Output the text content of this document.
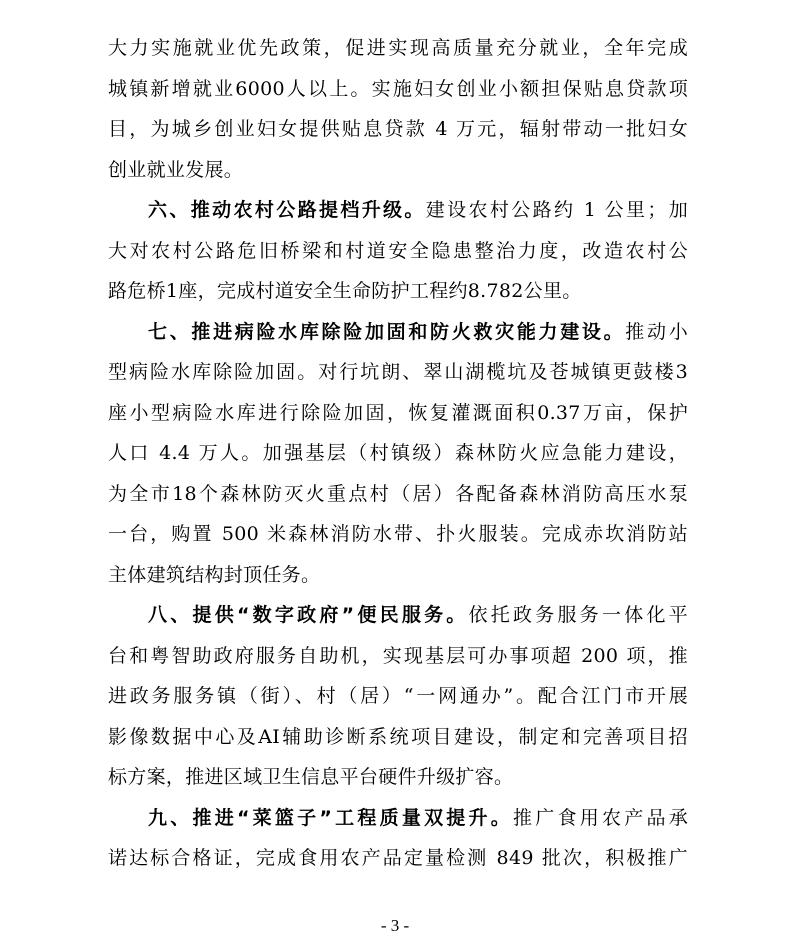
大力实施就业优先政策，促进实现高质量充分就业，全年完成
城镇新增就业6000人以上。实施妇女创业小额担保贴息贷款项
目，为城乡创业妇女提供贴息贷款 4 万元，辐射带动一批妇女
创业就业发展。
六、推动农村公路提档升级。建设农村公路约 1 公里；加
大对农村公路危旧桥梁和村道安全隐患整治力度，改造农村公
路危桥1座，完成村道安全生命防护工程约8.782公里。
七、推进病险水库除险加固和防火救灾能力建设。推动小
型病险水库除险加固。对行坑朗、翠山湖榄坑及苍城镇更鼓楼3
座小型病险水库进行除险加固，恢复灌溉面积0.37万亩，保护
人口 4.4 万人。加强基层（村镇级）森林防火应急能力建设，
为全市18个森林防灭火重点村（居）各配备森林消防高压水泵
一台，购置 500 米森林消防水带、扑火服装。完成赤坎消防站
主体建筑结构封顶任务。
八、提供“数字政府”便民服务。依托政务服务一体化平
台和粤智助政府服务自助机，实现基层可办事项超 200 项，推
进政务服务镇（街）、村（居）“一网通办”。配合江门市开展
影像数据中心及AI辅助诊断系统项目建设，制定和完善项目招
标方案，推进区域卫生信息平台硬件升级扩容。
九、推进“菜篮子”工程质量双提升。推广食用农产品承
诺达标合格证，完成食用农产品定量检测 849 批次，积极推广
- 3 -
